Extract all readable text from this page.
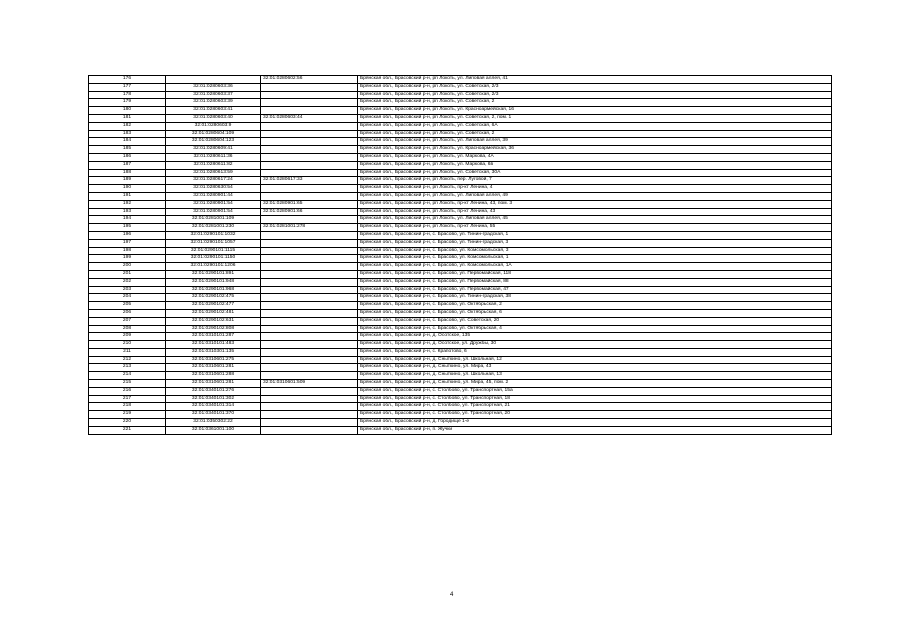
176		32:01:0280602:56	Брянская обл., Брасовский р-н, рп Локоть, ул. Липовая аллея, 41
177	32:01:0280603:36		Брянская обл., Брасовский р-н, рп Локоть, ул. Советская, 2/3
178	32:01:0280603:37		Брянская обл., Брасовский р-н, рп Локоть, ул. Советская, 2/3
179	32:01:0280603:39		Брянская обл., Брасовский р-н, рп Локоть, ул. Советская, 2
180	32:01:0280603:41		Брянская обл., Брасовский р-н, рп Локоть, ул. Красноармейская, 16
181	32:01:0280603:40	32:01:0280603:44	Брянская обл., Брасовский р-н, рп Локоть, ул. Советская, 2, пом. 1
182	32:01:0280603:9		Брянская обл., Брасовский р-н, рп Локоть, ул. Советская, 6А
183	32:01:0280604:109		Брянская обл., Брасовский р-н, рп Локоть, ул. Советская, 2
184	32:01:0280604:123		Брянская обл., Брасовский р-н, рп Локоть, ул. Липовая аллея, 39
185	32:01:0280609:41		Брянская обл., Брасовский р-н, рп Локоть, ул. Красноармейская, 36
186	32:01:0280611:36		Брянская обл., Брасовский р-н, рп Локоть, ул. Маркова, 4А
187	32:01:0280611:82		Брянская обл., Брасовский р-н, рп Локоть, ул. Маркова, 6в
188	32:01:0280613:59		Брянская обл., Брасовский р-н, рп Локоть, ул. Советская, 30А
189	32:01:0280617:24	32:01:0280617:33	Брянская обл., Брасовский р-н, рп Локоть, пер. Луговой, 7
190	32:01:0280630:54		Брянская обл., Брасовский р-н, рп Локоть, пр-кт Ленина, 4
191	32:01:0280901:44		Брянская обл., Брасовский р-н, рп Локоть, ул. Липовая аллея, 49
192	32:01:0280901:54	32:01:0280901:65	Брянская обл., Брасовский р-н, рп Локоть, пр-кт Ленина, 43, пом. 3
193	32:01:0280901:54	32:01:0280901:66	Брянская обл., Брасовский р-н, рп Локоть, пр-кт Ленина, 43
194	32:01:0281001:109		Брянская обл., Брасовский р-н, рп Локоть, ул. Липовая аллея, 45
195	32:01:0281001:230	32:01:0281001:278	Брянская обл., Брасовский р-н, рп Локоть, пр-кт Ленина, 55
196	32:01:0290101:1032		Брянская обл., Брасовский р-н, с. Брасово, ул. Тинин-градская, 1
197	32:01:0290101:1057		Брянская обл., Брасовский р-н, с. Брасово, ул. Тинин-градская, 3
198	32:01:0290101:1115		Брянская обл., Брасовский р-н, с. Брасово, ул. Комсомольская, 3
199	32:01:0290101:1150		Брянская обл., Брасовский р-н, с. Брасово, ул. Комсомольская, 1
200	32:01:0290101:1206		Брянская обл., Брасовский р-н, с. Брасово, ул. Комсомольская, 1А
201	32:01:0290101:891		Брянская обл., Брасовский р-н, с. Брасово, ул. Первомайская, 118
202	32:01:0290101:948		Брянская обл., Брасовский р-н, с. Брасово, ул. Первомайская, 88
203	32:01:0290101:968		Брянская обл., Брасовский р-н, с. Брасово, ул. Первомайская, 47
204	32:01:0290102:475		Брянская обл., Брасовский р-н, с. Брасово, ул. Тинин-градская, 38
205	32:01:0290102:477		Брянская обл., Брасовский р-н, с. Брасово, ул. Октябрьская, 2
206	32:01:0290102:481		Брянская обл., Брасовский р-н, с. Брасово, ул. Октябрьская, 6
207	32:01:0290102:631		Брянская обл., Брасовский р-н, с. Брасово, ул. Советская, 20
208	32:01:0290102:808		Брянская обл., Брасовский р-н, с. Брасово, ул. Октябрьская, 4
209	32:01:0310101:287		Брянская обл., Брасовский р-н, д. Осотское, 135
210	32:01:0310101:483		Брянская обл., Брасовский р-н, д. Осотское, ул. Дружбы, 30
211	32:01:0310301:135		Брянская обл., Брасовский р-н, с. Крапотово, 6
212	32:01:0310601:275		Брянская обл., Брасовский р-н, д. Сныткино, ул. Школьная, 12
213	32:01:0310601:281		Брянская обл., Брасовский р-н, д. Сныткино, ул. Мира, 43
214	32:01:0310601:288		Брянская обл., Брасовский р-н, д. Сныткино, ул. Школьная, 13
215	32:01:0310601:281	32:01:0310601:509	Брянская обл., Брасовский р-н, д. Сныткино, ул. Мира, 45, пом. 2
216	32:01:0340101:276		Брянская обл., Брасовский р-н, с. Столбово, ул. Транспортная, 15а
217	32:01:0340101:302		Брянская обл., Брасовский р-н, с. Столбово, ул. Транспортная, 18
218	32:01:0340101:314		Брянская обл., Брасовский р-н, с. Столбово, ул. Транспортная, 21
219	32:01:0340101:370		Брянская обл., Брасовский р-н, с. Столбово, ул. Транспортная, 20
220	32:01:0350302:22		Брянская обл., Брасовский р-н, д. Городище 1-е
221	32:01:0361001:100		Брянская обл., Брасовский р-н, п. Жучки
4
